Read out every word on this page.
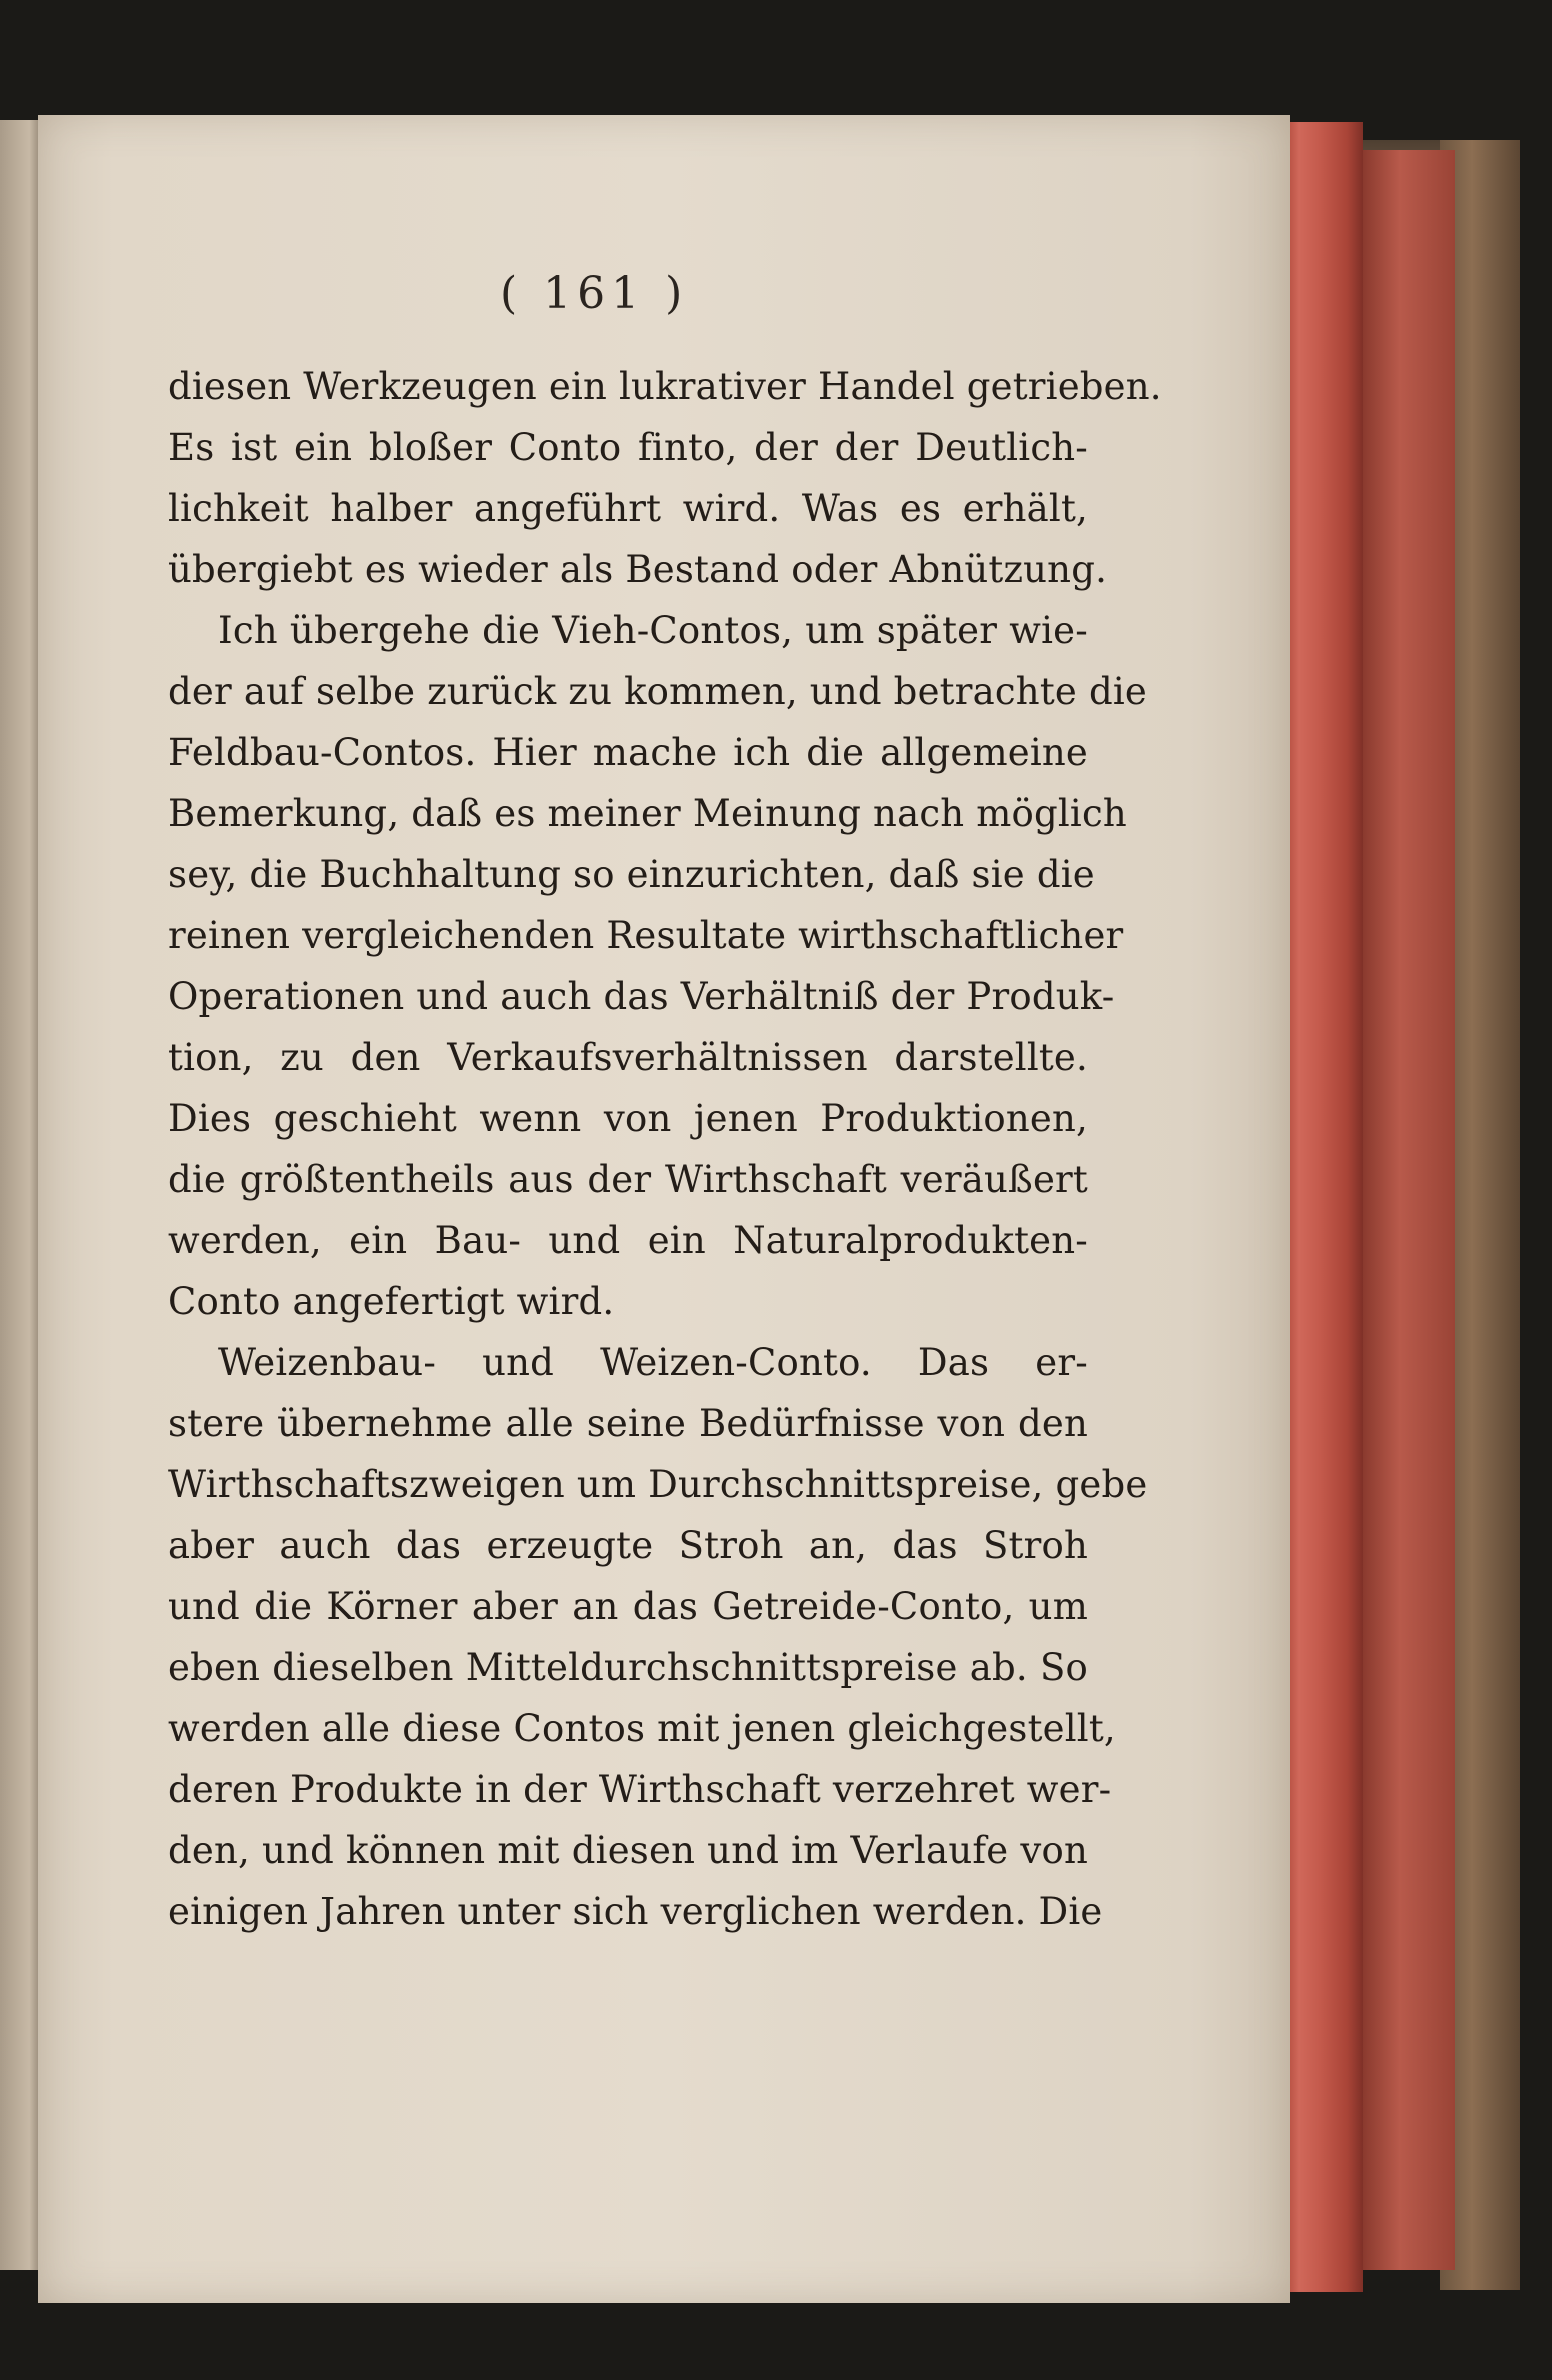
( 161 )
diesen Werkzeugen ein lukrativer Handel getrieben.
Es ist ein bloßer Conto finto, der der Deutlich-
lichkeit halber angeführt wird. Was es erhält,
übergiebt es wieder als Bestand oder Abnützung.
Ich übergehe die Vieh-Contos, um später wie-
der auf selbe zurück zu kommen, und betrachte die
Feldbau-Contos. Hier mache ich die allgemeine
Bemerkung, daß es meiner Meinung nach möglich
sey, die Buchhaltung so einzurichten, daß sie die
reinen vergleichenden Resultate wirthschaftlicher
Operationen und auch das Verhältniß der Produk-
tion, zu den Verkaufsverhältnissen darstellte.
Dies geschieht wenn von jenen Produktionen,
die größtentheils aus der Wirthschaft veräußert
werden, ein Bau- und ein Naturalprodukten-
Conto angefertigt wird.
Weizenbau- und Weizen-Conto. Das er-
stere übernehme alle seine Bedürfnisse von den
Wirthschaftszweigen um Durchschnittspreise, gebe
aber auch das erzeugte Stroh an, das Stroh
und die Körner aber an das Getreide-Conto, um
eben dieselben Mitteldurchschnittspreise ab. So
werden alle diese Contos mit jenen gleichgestellt,
deren Produkte in der Wirthschaft verzehret wer-
den, und können mit diesen und im Verlaufe von
einigen Jahren unter sich verglichen werden. Die
